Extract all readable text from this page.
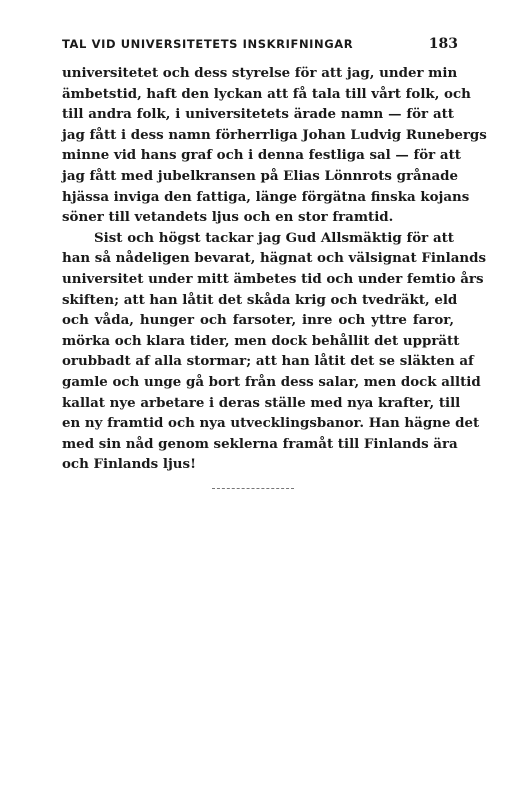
TAL VID UNIVERSITETETS INSKRIFNINGAR	183
universitetet och dess styrelse för att jag, under min
ämbetstid, haft den lyckan att få tala till vårt folk, och
till andra folk, i universitetets ärade namn — för att
jag fått i dess namn förherrliga Johan Ludvig Runebergs
minne vid hans graf och i denna festliga sal — för att
jag fått med jubelkransen på Elias Lönnrots grånade
hjässa inviga den fattiga, länge förgätna finska kojans
söner till vetandets ljus och en stor framtid.
Sist och högst tackar jag Gud Allsmäktig för att
han så nådeligen bevarat, hägnat och välsignat Finlands
universitet under mitt ämbetes tid och under femtio års
skiften; att han låtit det skåda krig och tvedräkt, eld
och våda, hunger och farsoter, inre och yttre faror,
mörka och klara tider, men dock behållit det upprätt
orubbadt af alla stormar; att han låtit det se släkten af
gamle och unge gå bort från dess salar, men dock alltid
kallat nye arbetare i deras ställe med nya krafter, till
en ny framtid och nya utvecklingsbanor. Han hägne det
med sin nåd genom seklerna framåt till Finlands ära
och Finlands ljus!
